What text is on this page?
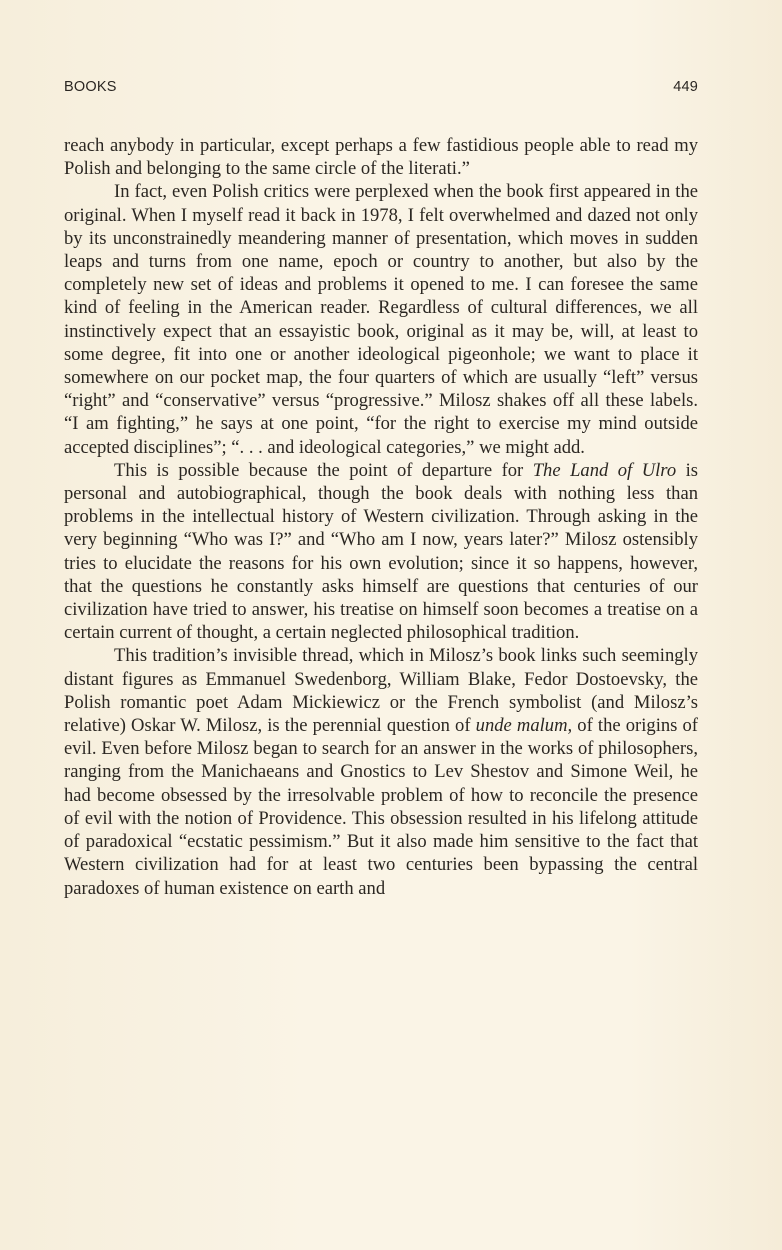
BOOKS	449

reach anybody in particular, except perhaps a few fastidious people able to read my Polish and belonging to the same circle of the literati.”

In fact, even Polish critics were perplexed when the book first appeared in the original. When I myself read it back in 1978, I felt overwhelmed and dazed not only by its unconstrainedly meandering manner of presentation, which moves in sudden leaps and turns from one name, epoch or country to another, but also by the completely new set of ideas and problems it opened to me. I can foresee the same kind of feeling in the American reader. Regardless of cultural differences, we all instinctively expect that an essayistic book, original as it may be, will, at least to some degree, fit into one or another ideological pigeonhole; we want to place it somewhere on our pocket map, the four quarters of which are usually “left” versus “right” and “conservative” versus “progressive.” Milosz shakes off all these labels. “I am fighting,” he says at one point, “for the right to exercise my mind outside accepted disciplines”; “. . . and ideological categories,” we might add.

This is possible because the point of departure for The Land of Ulro is personal and autobiographical, though the book deals with nothing less than problems in the intellectual history of Western civilization. Through asking in the very beginning “Who was I?” and “Who am I now, years later?” Milosz ostensibly tries to elucidate the reasons for his own evolution; since it so happens, however, that the questions he constantly asks himself are questions that centuries of our civilization have tried to answer, his treatise on himself soon becomes a treatise on a certain current of thought, a certain neglected philosophical tradition.

This tradition’s invisible thread, which in Milosz’s book links such seemingly distant figures as Emmanuel Swedenborg, William Blake, Fedor Dostoevsky, the Polish romantic poet Adam Mickiewicz or the French symbolist (and Milosz’s relative) Oskar W. Milosz, is the perennial question of unde malum, of the origins of evil. Even before Milosz began to search for an answer in the works of philosophers, ranging from the Manichaeans and Gnostics to Lev Shestov and Simone Weil, he had become obsessed by the irresolvable problem of how to reconcile the presence of evil with the notion of Providence. This obsession resulted in his lifelong attitude of paradoxical “ecstatic pessimism.” But it also made him sensitive to the fact that Western civilization had for at least two centuries been bypassing the central paradoxes of human existence on earth and
